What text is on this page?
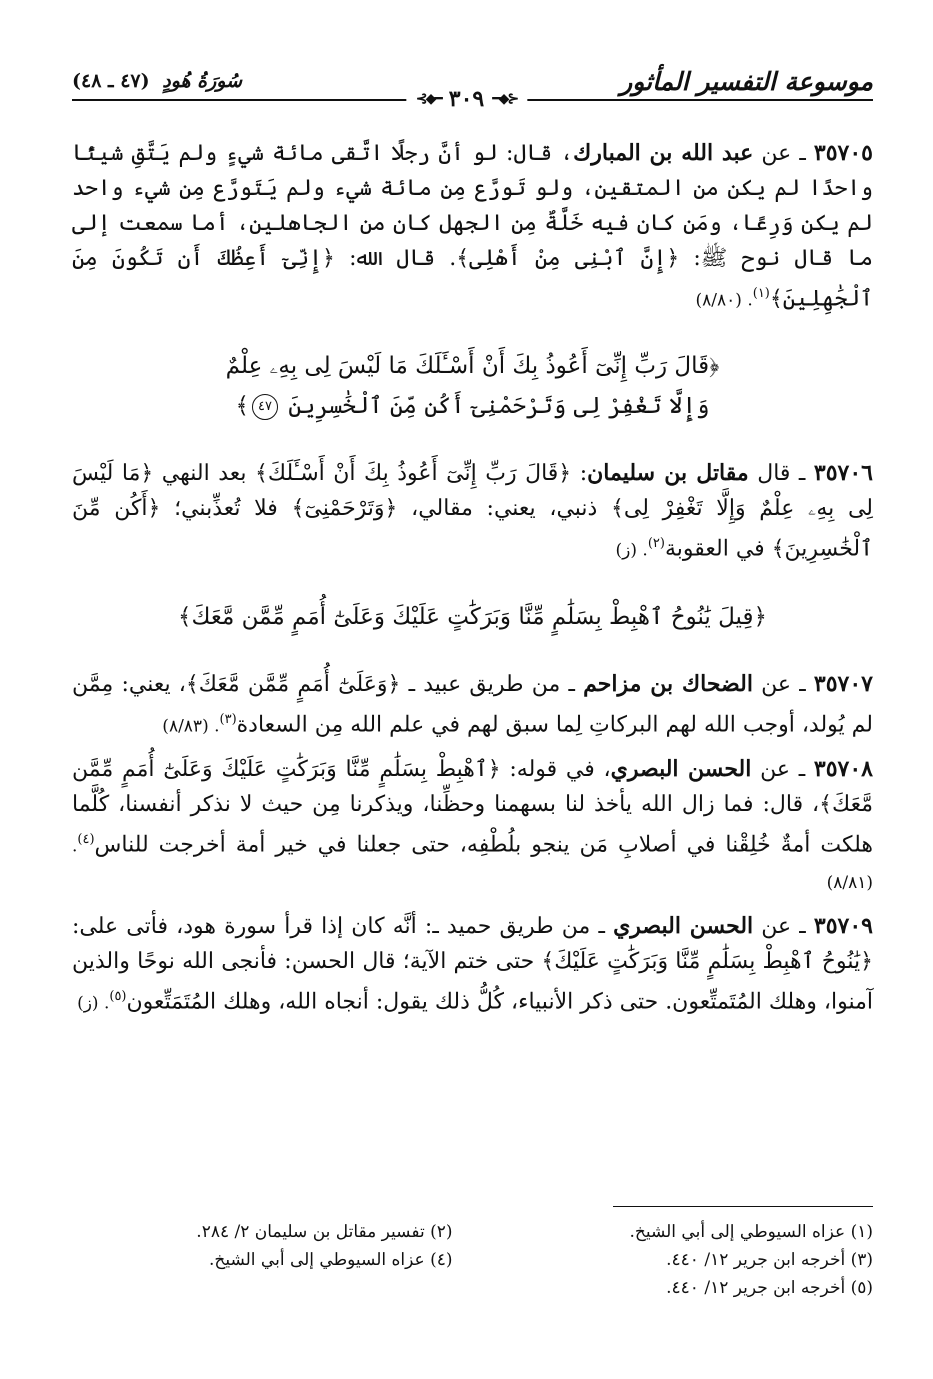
موسوعة التفسير المأثور
سُورَةُ هُودٍ (٤٧ ـ ٤٨)
⊰◆━
٣٠٩
━◆⊱

٣٥٧٠٥ ـ عن عبد الله بن المبارك، قال: لو أنَّ رجلًا اتَّقى مائة شيءٍ ولم يَتَّقِ شيئًا واحدًا لم يكن من المتقين، ولو تَورَّع مِن مائة شيء ولم يَتَورَّع مِن شيء واحد لم يكن وَرِعًا، ومَن كان فيه خَلَّةٌ مِن الجهل كان من الجاهلين، أما سمعت إلى ما قال نوح ﷺ: ﴿إِنَّ ٱبْنِى مِنْ أَهْلِى﴾. قال الله: ﴿إِنِّىٓ أَعِظُكَ أَن تَكُونَ مِنَ ٱلْجَٰهِلِينَ﴾$^{(١)}$. (٨/٨٠)

﴿قَالَ رَبِّ إِنِّىٓ أَعُوذُ بِكَ أَنْ أَسْـَٔلَكَ مَا لَيْسَ لِى بِهِۦ عِلْمٌ
وَإِلَّا تَغْفِرْ لِى وَتَرْحَمْنِىٓ أَكُن مِّنَ ٱلْخَٰسِرِينَ ٤٧﴾

٣٥٧٠٦ ـ قال مقاتل بن سليمان: ﴿قَالَ رَبِّ إِنِّىٓ أَعُوذُ بِكَ أَنْ أَسْـَٔلَكَ﴾ بعد النهي ﴿مَا لَيْسَ لِى بِهِۦ عِلْمٌ وَإِلَّا تَغْفِرْ لِى﴾ ذنبي، يعني: مقالي، ﴿وَتَرْحَمْنِىٓ﴾ فلا تُعذِّبني؛ ﴿أَكُن مِّنَ ٱلْخَٰسِرِينَ﴾ في العقوبة$^{(٢)}$. (ز)

﴿قِيلَ يَٰنُوحُ ٱهْبِطْ بِسَلَٰمٍ مِّنَّا وَبَرَكَٰتٍ عَلَيْكَ وَعَلَىٰٓ أُمَمٍ مِّمَّن مَّعَكَ﴾

٣٥٧٠٧ ـ عن الضحاك بن مزاحم ـ من طريق عبيد ـ ﴿وَعَلَىٰٓ أُمَمٍ مِّمَّن مَّعَكَ﴾، يعني: مِمَّن لم يُولد، أوجب الله لهم البركاتِ لِما سبق لهم في علم الله مِن السعادة$^{(٣)}$. (٨/٨٣)

٣٥٧٠٨ ـ عن الحسن البصري، في قوله: ﴿ٱهْبِطْ بِسَلَٰمٍ مِّنَّا وَبَرَكَٰتٍ عَلَيْكَ وَعَلَىٰٓ أُمَمٍ مِّمَّن مَّعَكَ﴾، قال: فما زال الله يأخذ لنا بسهمنا وحظِّنا، ويذكرنا مِن حيث لا نذكر أنفسنا، كُلَّما هلكت أمةٌ خُلِقْنا في أصلابِ مَن ينجو بلُطْفِه، حتى جعلنا في خير أمة أخرجت للناس$^{(٤)}$. (٨/٨١)

٣٥٧٠٩ ـ عن الحسن البصري ـ من طريق حميد ـ: أنَّه كان إذا قرأ سورة هود، فأتى على: ﴿يَٰنُوحُ ٱهْبِطْ بِسَلَٰمٍ مِّنَّا وَبَرَكَٰتٍ عَلَيْكَ﴾ حتى ختم الآية؛ قال الحسن: فأنجى الله نوحًا والذين آمنوا، وهلك المُتَمتِّعون. حتى ذكر الأنبياء، كُلُّ ذلك يقول: أنجاه الله، وهلك المُتَمَتِّعون$^{(٥)}$. (ز)

(١) عزاه السيوطي إلى أبي الشيخ.
(٢) تفسير مقاتل بن سليمان ٢/ ٢٨٤.
(٣) أخرجه ابن جرير ١٢/ ٤٤٠.
(٤) عزاه السيوطي إلى أبي الشيخ.
(٥) أخرجه ابن جرير ١٢/ ٤٤٠.
